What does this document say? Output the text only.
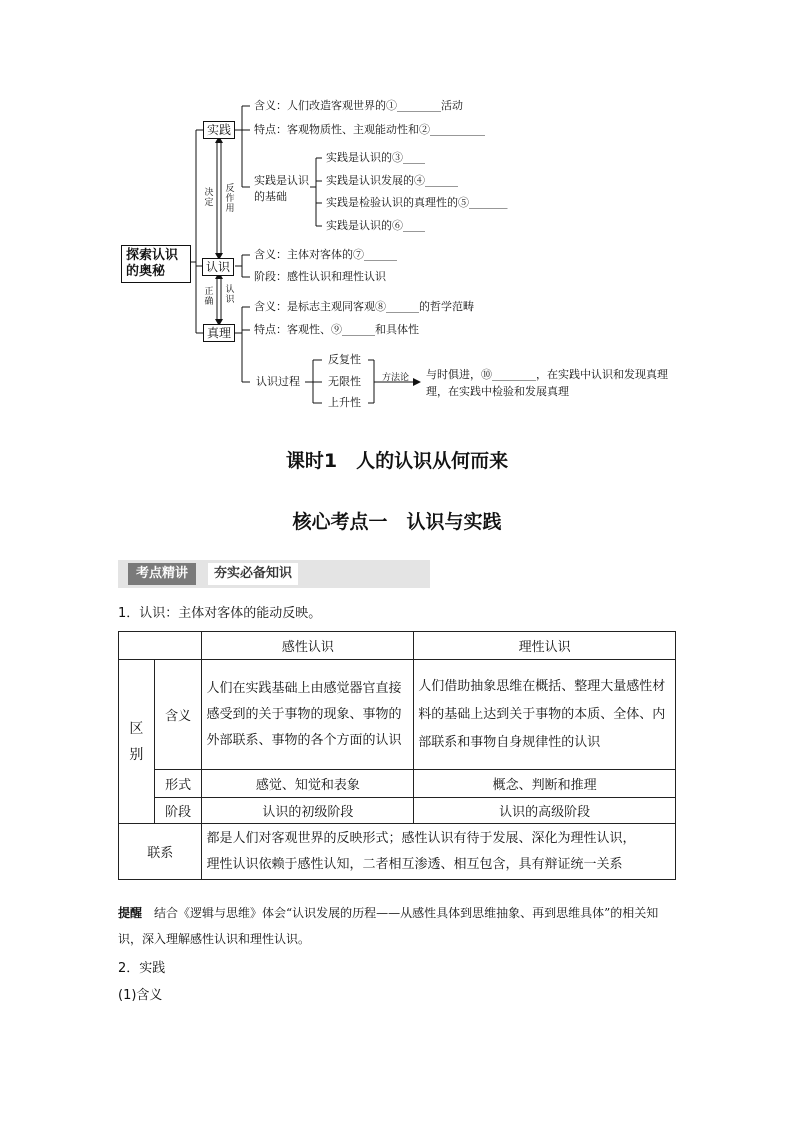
探索认识的奥秘
实践
含义：人们改造客观世界的①________活动
特点：客观物质性、主观能动性和②__________
实践是认识的基础
实践是认识的③____
实践是认识发展的④______
实践是检验认识的真理性的⑤_______
实践是认识的⑥____
决定
反作用
认识
含义：主体对客体的⑦______
阶段：感性认识和理性认识
正确
认识
真理
含义：是标志主观同客观⑧______的哲学范畴
特点：客观性、⑨______和具体性
认识过程
反复性
无限性
上升性
方法论 与时俱进，⑩________，在实践中认识和发现真理
理，在实践中检验和发展真理
课时1　人的认识从何而来
核心考点一　认识与实践
考点精讲	夯实必备知识
1．认识：主体对客体的能动反映。
		感性认识	理性认识
区别	含义	人们在实践基础上由感觉器官直接感受到的关于事物的现象、事物的外部联系、事物的各个方面的认识	人们借助抽象思维在概括、整理大量感性材料的基础上达到关于事物的本质、全体、内部联系和事物自身规律性的认识
	形式	感觉、知觉和表象	概念、判断和推理
	阶段	认识的初级阶段	认识的高级阶段
联系		都是人们对客观世界的反映形式；感性认识有待于发展、深化为理性认识，
理性认识依赖于感性认知，二者相互渗透、相互包含，具有辩证统一关系	
提醒　结合《逻辑与思维》体会“认识发展的历程——从感性具体到思维抽象、再到思维具体”的相关知识，深入理解感性认识和理性认识。
2．实践
(1)含义
